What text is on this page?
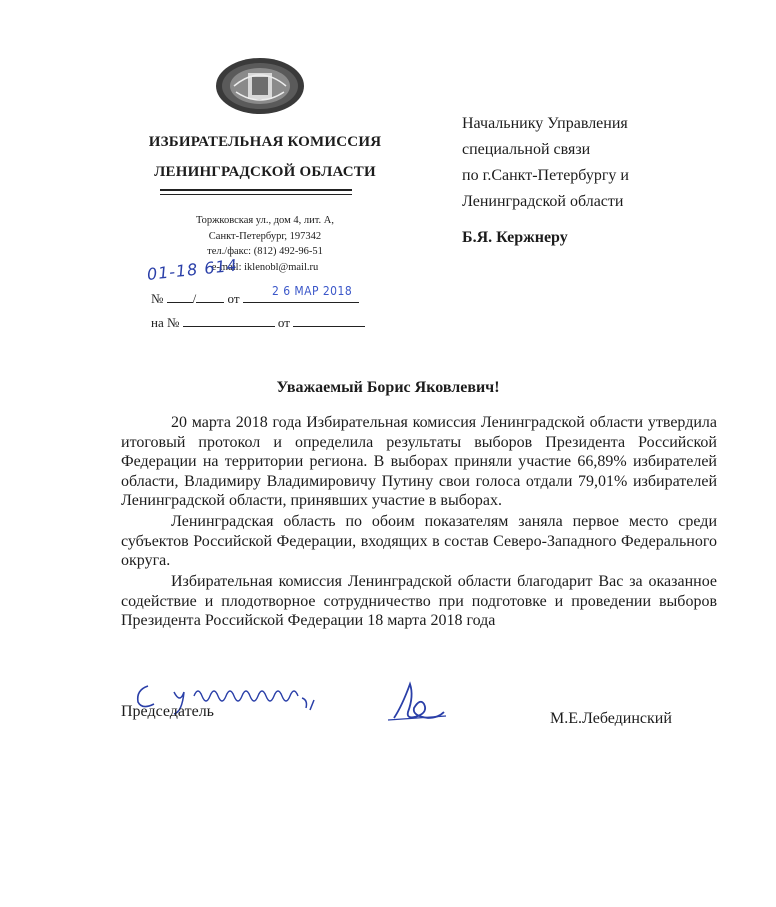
ИЗБИРАТЕЛЬНАЯ КОМИССИЯ
ЛЕНИНГРАДСКОЙ ОБЛАСТИ
Торжковская ул., дом 4, лит. А,
Санкт-Петербург, 197342
тел./факс: (812) 492-96-51
e-mail: iklenobl@mail.ru
01-18 614
№ / от	2 6 МАР 2018
на №	от
Начальнику Управления
специальной связи
по г.Санкт-Петербургу и
Ленинградской области
Б.Я. Кержнеру
Уважаемый Борис Яковлевич!

20 марта 2018 года Избирательная комиссия Ленинградской области утвердила итоговый протокол и определила результаты выборов Президента Российской Федерации на территории региона. В выборах приняли участие 66,89% избирателей области, Владимиру Владимировичу Путину свои голоса отдали 79,01% избирателей Ленинградской области, принявших участие в выборах.

Ленинградская область по обоим показателям заняла первое место среди субъектов Российской Федерации, входящих в состав Северо-Западного Федерального округа.

Избирательная комиссия Ленинградской области благодарит Вас за оказанное содействие и плодотворное сотрудничество при подготовке и проведении выборов Президента Российской Федерации 18 марта 2018 года

Председатель	М.Е.Лебединский
